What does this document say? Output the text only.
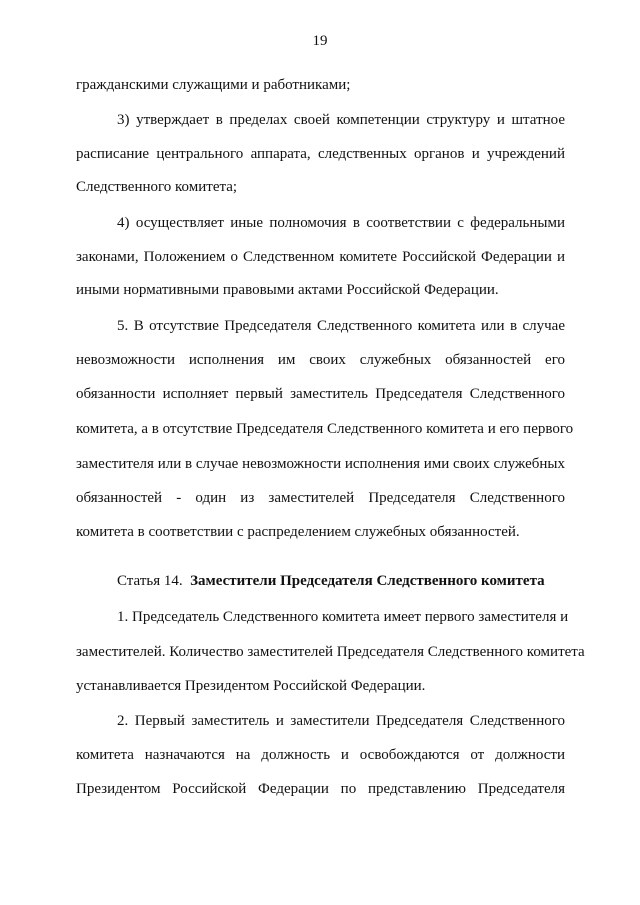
19
гражданскими служащими и работниками;
3) утверждает в пределах своей компетенции структуру и штатное
расписание центрального аппарата, следственных органов и учреждений
Следственного комитета;
4) осуществляет иные полномочия в соответствии с федеральными
законами, Положением о Следственном комитете Российской Федерации и
иными нормативными правовыми актами Российской Федерации.
5. В отсутствие Председателя Следственного комитета или в случае
невозможности исполнения им своих служебных обязанностей его
обязанности исполняет первый заместитель Председателя Следственного
комитета, а в отсутствие Председателя Следственного комитета и его первого
заместителя или в случае невозможности исполнения ими своих служебных
обязанностей - один из заместителей Председателя Следственного
комитета в соответствии с распределением служебных обязанностей.
Статья 14. Заместители Председателя Следственного комитета
1. Председатель Следственного комитета имеет первого заместителя и
заместителей. Количество заместителей Председателя Следственного комитета
устанавливается Президентом Российской Федерации.
2. Первый заместитель и заместители Председателя Следственного
комитета назначаются на должность и освобождаются от должности
Президентом Российской Федерации по представлению Председателя
